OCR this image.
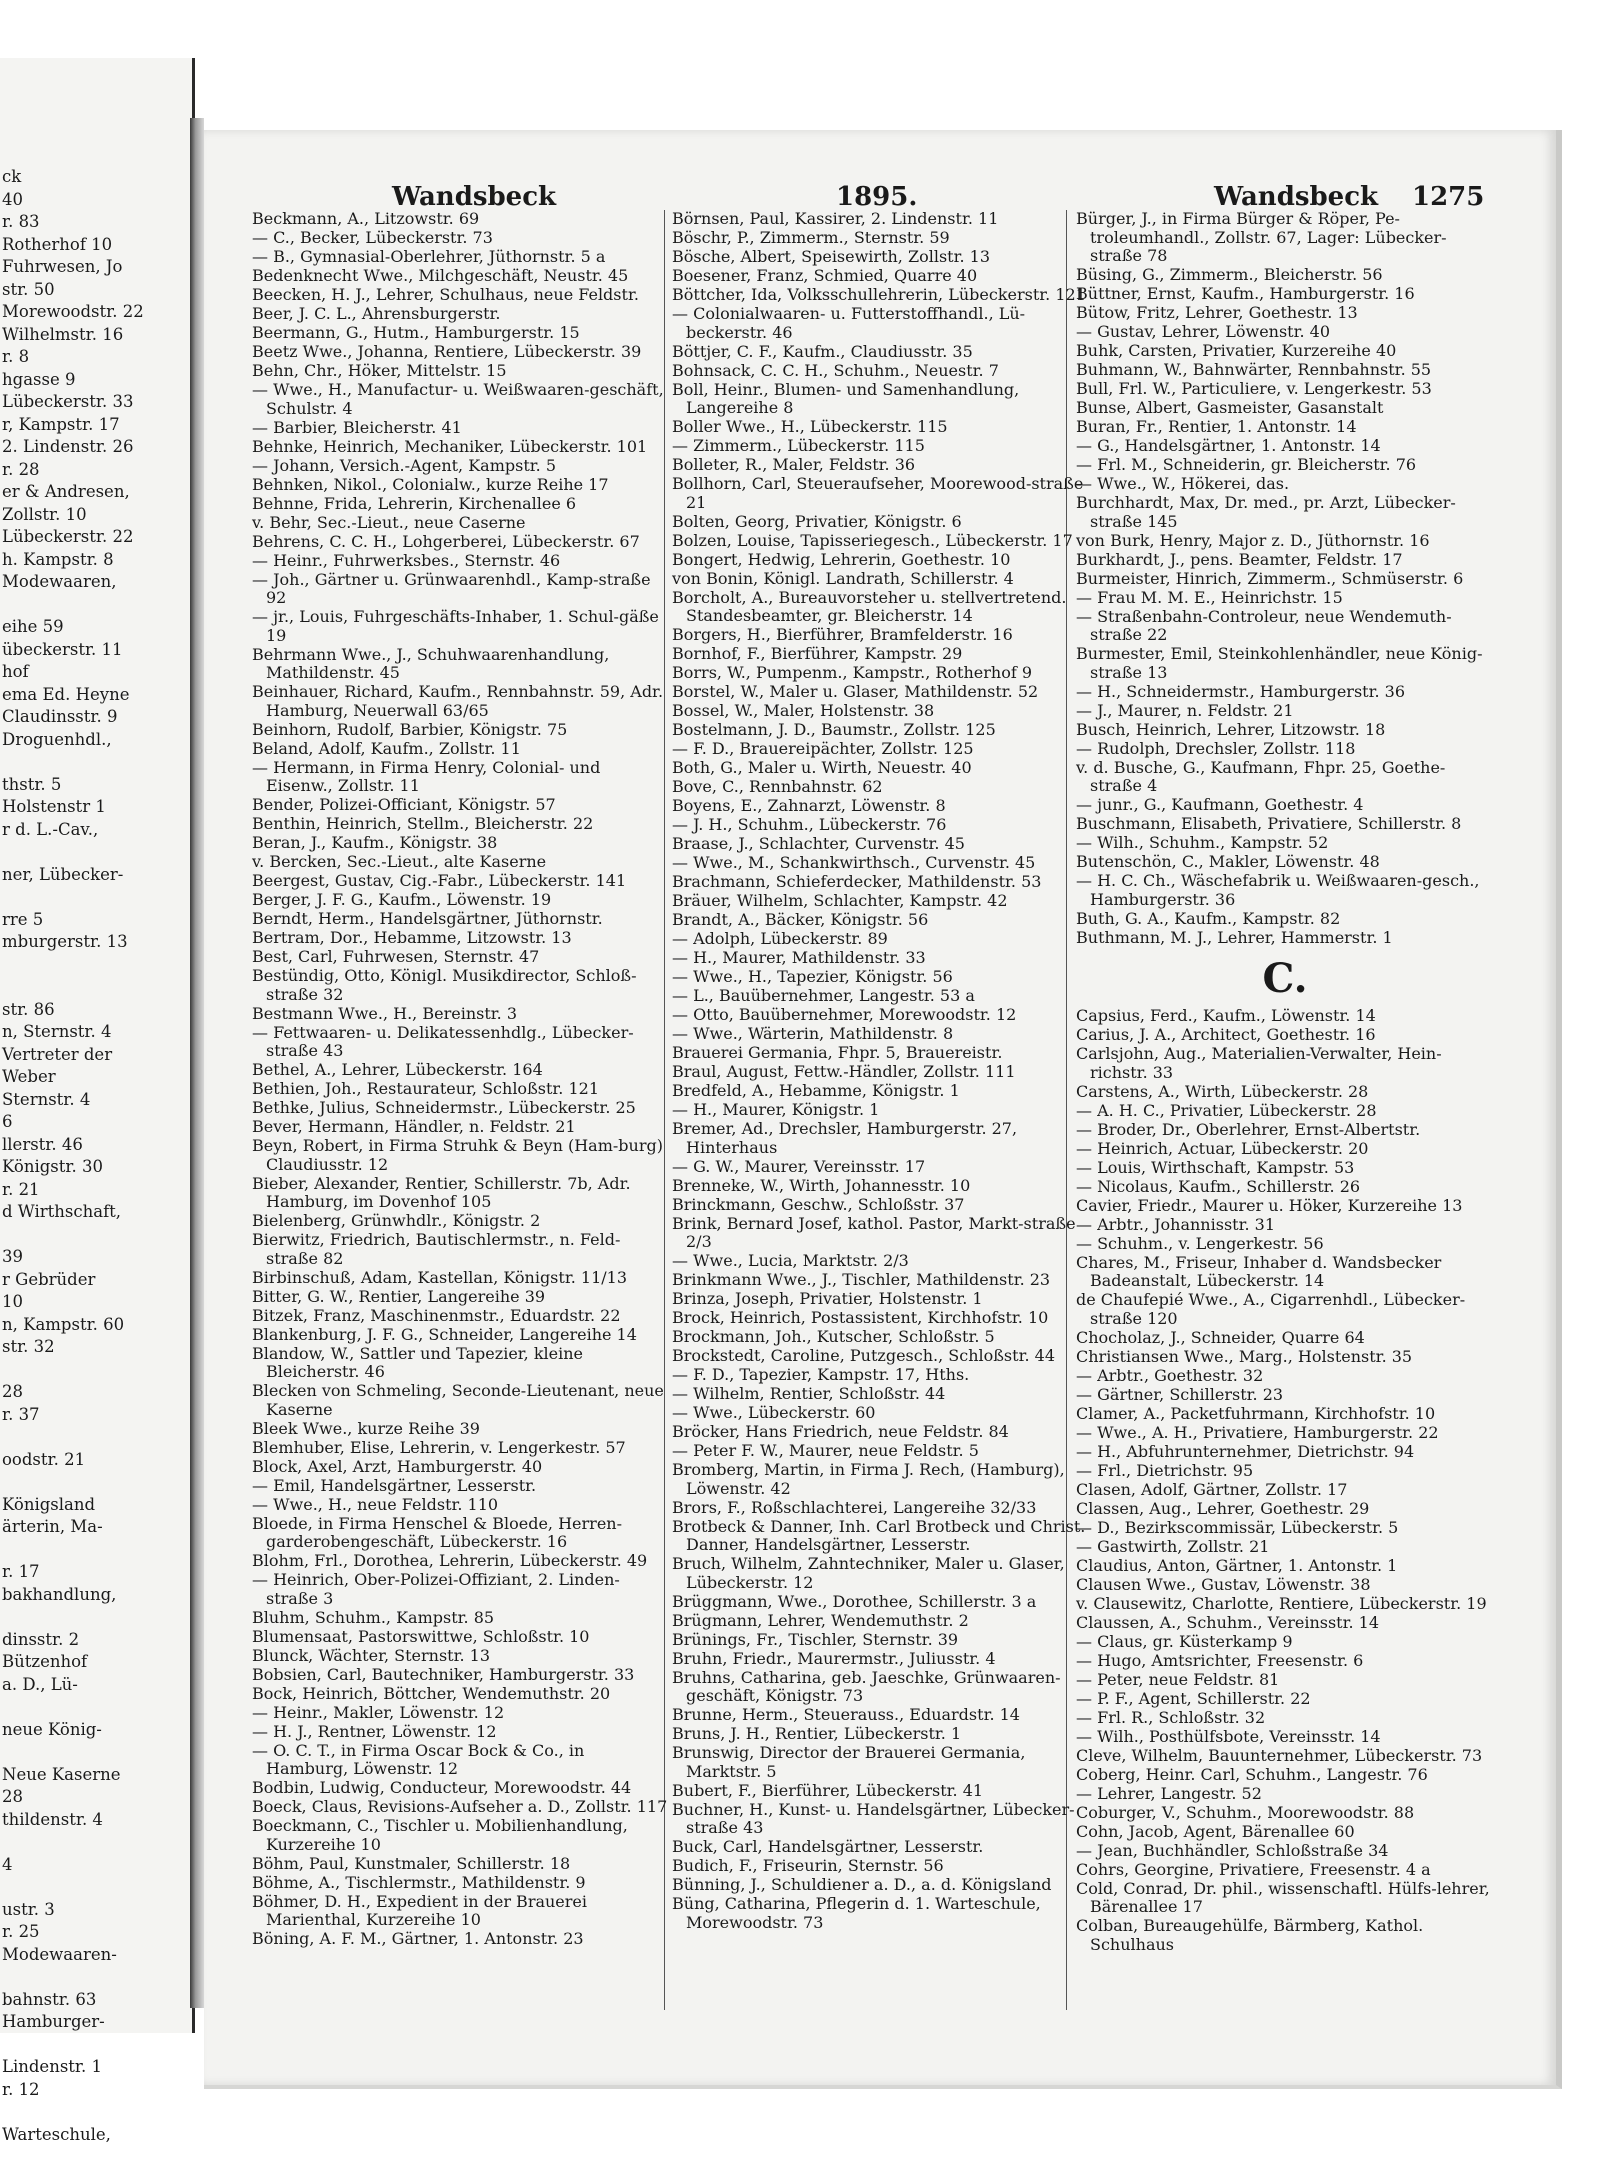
ck
40
r. 83
Rotherhof 10
Fuhrwesen, Jo
str. 50
Morewoodstr. 22
Wilhelmstr. 16
r. 8
hgasse 9
Lübeckerstr. 33
r, Kampstr. 17
2. Lindenstr. 26
r. 28
er & Andresen,
Zollstr. 10
Lübeckerstr. 22
h. Kampstr. 8
Modewaaren,
eihe 59
übeckerstr. 11
hof
ema Ed. Heyne
Claudinsstr. 9
Droguenhdl.,
thstr. 5
Holstenstr 1
r d. L.-Cav.,
ner, Lübecker-
rre 5
mburgerstr. 13
str. 86
n, Sternstr. 4
Vertreter der
Weber
Sternstr. 4
6
llerstr. 46
Königstr. 30
r. 21
d Wirthschaft,
39
r Gebrüder
10
n, Kampstr. 60
str. 32
28
r. 37
oodstr. 21
Königsland
ärterin, Ma-
r. 17
bakhandlung,
dinsstr. 2
Bützenhof
a. D., Lü-
neue König-
Neue Kaserne
28
thildenstr. 4
4
ustr. 3
r. 25
Modewaaren-
bahnstr. 63
Hamburger-
Lindenstr. 1
r. 12
Warteschule,
Wandsbeck	1895.	Wandsbeck 1275
Beckmann, A., Litzowstr. 69
— C., Becker, Lübeckerstr. 73
— B., Gymnasial-Oberlehrer, Jüthornstr. 5 a
Bedenknecht Wwe., Milchgeschäft, Neustr. 45
Beecken, H. J., Lehrer, Schulhaus, neue Feldstr.
Beer, J. C. L., Ahrensburgerstr.
Beermann, G., Hutm., Hamburgerstr. 15
Beetz Wwe., Johanna, Rentiere, Lübeckerstr. 39
Behn, Chr., Höker, Mittelstr. 15
— Wwe., H., Manufactur- u. Weißwaaren-geschäft, Schulstr. 4
— Barbier, Bleicherstr. 41
Behnke, Heinrich, Mechaniker, Lübeckerstr. 101
— Johann, Versich.-Agent, Kampstr. 5
Behnken, Nikol., Colonialw., kurze Reihe 17
Behnne, Frida, Lehrerin, Kirchenallee 6
v. Behr, Sec.-Lieut., neue Caserne
Behrens, C. C. H., Lohgerberei, Lübeckerstr. 67
— Heinr., Fuhrwerksbes., Sternstr. 46
— Joh., Gärtner u. Grünwaarenhdl., Kamp-straße 92
— jr., Louis, Fuhrgeschäfts-Inhaber, 1. Schul-gäße 19
Behrmann Wwe., J., Schuhwaarenhandlung, Mathildenstr. 45
Beinhauer, Richard, Kaufm., Rennbahnstr. 59, Adr. Hamburg, Neuerwall 63/65
Beinhorn, Rudolf, Barbier, Königstr. 75
Beland, Adolf, Kaufm., Zollstr. 11
— Hermann, in Firma Henry, Colonial- und Eisenw., Zollstr. 11
Bender, Polizei-Officiant, Königstr. 57
Benthin, Heinrich, Stellm., Bleicherstr. 22
Beran, J., Kaufm., Königstr. 38
v. Bercken, Sec.-Lieut., alte Kaserne
Beergest, Gustav, Cig.-Fabr., Lübeckerstr. 141
Berger, J. F. G., Kaufm., Löwenstr. 19
Berndt, Herm., Handelsgärtner, Jüthornstr.
Bertram, Dor., Hebamme, Litzowstr. 13
Best, Carl, Fuhrwesen, Sternstr. 47
Bestündig, Otto, Königl. Musikdirector, Schloß-straße 32
Bestmann Wwe., H., Bereinstr. 3
— Fettwaaren- u. Delikatessenhdlg., Lübecker-straße 43
Bethel, A., Lehrer, Lübeckerstr. 164
Bethien, Joh., Restaurateur, Schloßstr. 121
Bethke, Julius, Schneidermstr., Lübeckerstr. 25
Bever, Hermann, Händler, n. Feldstr. 21
Beyn, Robert, in Firma Struhk & Beyn (Ham-burg) Claudiusstr. 12
Bieber, Alexander, Rentier, Schillerstr. 7b, Adr. Hamburg, im Dovenhof 105
Bielenberg, Grünwhdlr., Königstr. 2
Bierwitz, Friedrich, Bautischlermstr., n. Feld-straße 82
Birbinschuß, Adam, Kastellan, Königstr. 11/13
Bitter, G. W., Rentier, Langereihe 39
Bitzek, Franz, Maschinenmstr., Eduardstr. 22
Blankenburg, J. F. G., Schneider, Langereihe 14
Blandow, W., Sattler und Tapezier, kleine Bleicherstr. 46
Blecken von Schmeling, Seconde-Lieutenant, neue Kaserne
Bleek Wwe., kurze Reihe 39
Blemhuber, Elise, Lehrerin, v. Lengerkestr. 57
Block, Axel, Arzt, Hamburgerstr. 40
— Emil, Handelsgärtner, Lesserstr.
— Wwe., H., neue Feldstr. 110
Bloede, in Firma Henschel & Bloede, Herren-garderobengeschäft, Lübeckerstr. 16
Blohm, Frl., Dorothea, Lehrerin, Lübeckerstr. 49
— Heinrich, Ober-Polizei-Offiziant, 2. Linden-straße 3
Bluhm, Schuhm., Kampstr. 85
Blumensaat, Pastorswittwe, Schloßstr. 10
Blunck, Wächter, Sternstr. 13
Bobsien, Carl, Bautechniker, Hamburgerstr. 33
Bock, Heinrich, Böttcher, Wendemuthstr. 20
— Heinr., Makler, Löwenstr. 12
— H. J., Rentner, Löwenstr. 12
— O. C. T., in Firma Oscar Bock & Co., in Hamburg, Löwenstr. 12
Bodbin, Ludwig, Conducteur, Morewoodstr. 44
Boeck, Claus, Revisions-Aufseher a. D., Zollstr. 117
Boeckmann, C., Tischler u. Mobilienhandlung, Kurzereihe 10
Böhm, Paul, Kunstmaler, Schillerstr. 18
Böhme, A., Tischlermstr., Mathildenstr. 9
Böhmer, D. H., Expedient in der Brauerei Marienthal, Kurzereihe 10
Böning, A. F. M., Gärtner, 1. Antonstr. 23
Börnsen, Paul, Kassirer, 2. Lindenstr. 11
Böschr, P., Zimmerm., Sternstr. 59
Bösche, Albert, Speisewirth, Zollstr. 13
Boesener, Franz, Schmied, Quarre 40
Böttcher, Ida, Volksschullehrerin, Lübeckerstr. 121
— Colonialwaaren- u. Futterstoffhandl., Lü-beckerstr. 46
Böttjer, C. F., Kaufm., Claudiusstr. 35
Bohnsack, C. C. H., Schuhm., Neuestr. 7
Boll, Heinr., Blumen- und Samenhandlung, Langereihe 8
Boller Wwe., H., Lübeckerstr. 115
— Zimmerm., Lübeckerstr. 115
Bolleter, R., Maler, Feldstr. 36
Bollhorn, Carl, Steueraufseher, Moorewood-straße 21
Bolten, Georg, Privatier, Königstr. 6
Bolzen, Louise, Tapisseriegesch., Lübeckerstr. 17
Bongert, Hedwig, Lehrerin, Goethestr. 10
von Bonin, Königl. Landrath, Schillerstr. 4
Borcholt, A., Bureauvorsteher u. stellvertretend. Standesbeamter, gr. Bleicherstr. 14
Borgers, H., Bierführer, Bramfelderstr. 16
Bornhof, F., Bierführer, Kampstr. 29
Borrs, W., Pumpenm., Kampstr., Rotherhof 9
Borstel, W., Maler u. Glaser, Mathildenstr. 52
Bossel, W., Maler, Holstenstr. 38
Bostelmann, J. D., Baumstr., Zollstr. 125
— F. D., Brauereipächter, Zollstr. 125
Both, G., Maler u. Wirth, Neuestr. 40
Bove, C., Rennbahnstr. 62
Boyens, E., Zahnarzt, Löwenstr. 8
— J. H., Schuhm., Lübeckerstr. 76
Braase, J., Schlachter, Curvenstr. 45
— Wwe., M., Schankwirthsch., Curvenstr. 45
Brachmann, Schieferdecker, Mathildenstr. 53
Bräuer, Wilhelm, Schlachter, Kampstr. 42
Brandt, A., Bäcker, Königstr. 56
— Adolph, Lübeckerstr. 89
— H., Maurer, Mathildenstr. 33
— Wwe., H., Tapezier, Königstr. 56
— L., Bauübernehmer, Langestr. 53 a
— Otto, Bauübernehmer, Morewoodstr. 12
— Wwe., Wärterin, Mathildenstr. 8
Brauerei Germania, Fhpr. 5, Brauereistr.
Braul, August, Fettw.-Händler, Zollstr. 111
Bredfeld, A., Hebamme, Königstr. 1
— H., Maurer, Königstr. 1
Bremer, Ad., Drechsler, Hamburgerstr. 27, Hinterhaus
— G. W., Maurer, Vereinsstr. 17
Brenneke, W., Wirth, Johannesstr. 10
Brinckmann, Geschw., Schloßstr. 37
Brink, Bernard Josef, kathol. Pastor, Markt-straße 2/3
— Wwe., Lucia, Marktstr. 2/3
Brinkmann Wwe., J., Tischler, Mathildenstr. 23
Brinza, Joseph, Privatier, Holstenstr. 1
Brock, Heinrich, Postassistent, Kirchhofstr. 10
Brockmann, Joh., Kutscher, Schloßstr. 5
Brockstedt, Caroline, Putzgesch., Schloßstr. 44
— F. D., Tapezier, Kampstr. 17, Hths.
— Wilhelm, Rentier, Schloßstr. 44
— Wwe., Lübeckerstr. 60
Bröcker, Hans Friedrich, neue Feldstr. 84
— Peter F. W., Maurer, neue Feldstr. 5
Bromberg, Martin, in Firma J. Rech, (Hamburg), Löwenstr. 42
Brors, F., Roßschlachterei, Langereihe 32/33
Brotbeck & Danner, Inh. Carl Brotbeck und Christ. Danner, Handelsgärtner, Lesserstr.
Bruch, Wilhelm, Zahntechniker, Maler u. Glaser, Lübeckerstr. 12
Brüggmann, Wwe., Dorothee, Schillerstr. 3 a
Brügmann, Lehrer, Wendemuthstr. 2
Brünings, Fr., Tischler, Sternstr. 39
Bruhn, Friedr., Maurermstr., Juliusstr. 4
Bruhns, Catharina, geb. Jaeschke, Grünwaaren-geschäft, Königstr. 73
Brunne, Herm., Steuerauss., Eduardstr. 14
Bruns, J. H., Rentier, Lübeckerstr. 1
Brunswig, Director der Brauerei Germania, Marktstr. 5
Bubert, F., Bierführer, Lübeckerstr. 41
Buchner, H., Kunst- u. Handelsgärtner, Lübecker-straße 43
Buck, Carl, Handelsgärtner, Lesserstr.
Budich, F., Friseurin, Sternstr. 56
Bünning, J., Schuldiener a. D., a. d. Königsland
Büng, Catharina, Pflegerin d. 1. Warteschule, Morewoodstr. 73
Bürger, J., in Firma Bürger & Röper, Pe-troleumhandl., Zollstr. 67, Lager: Lübecker-straße 78
Büsing, G., Zimmerm., Bleicherstr. 56
Büttner, Ernst, Kaufm., Hamburgerstr. 16
Bütow, Fritz, Lehrer, Goethestr. 13
— Gustav, Lehrer, Löwenstr. 40
Buhk, Carsten, Privatier, Kurzereihe 40
Buhmann, W., Bahnwärter, Rennbahnstr. 55
Bull, Frl. W., Particuliere, v. Lengerkestr. 53
Bunse, Albert, Gasmeister, Gasanstalt
Buran, Fr., Rentier, 1. Antonstr. 14
— G., Handelsgärtner, 1. Antonstr. 14
— Frl. M., Schneiderin, gr. Bleicherstr. 76
— Wwe., W., Hökerei, das.
Burchhardt, Max, Dr. med., pr. Arzt, Lübecker-straße 145
von Burk, Henry, Major z. D., Jüthornstr. 16
Burkhardt, J., pens. Beamter, Feldstr. 17
Burmeister, Hinrich, Zimmerm., Schmüserstr. 6
— Frau M. M. E., Heinrichstr. 15
— Straßenbahn-Controleur, neue Wendemuth-straße 22
Burmester, Emil, Steinkohlenhändler, neue König-straße 13
— H., Schneidermstr., Hamburgerstr. 36
— J., Maurer, n. Feldstr. 21
Busch, Heinrich, Lehrer, Litzowstr. 18
— Rudolph, Drechsler, Zollstr. 118
v. d. Busche, G., Kaufmann, Fhpr. 25, Goethe-straße 4
— junr., G., Kaufmann, Goethestr. 4
Buschmann, Elisabeth, Privatiere, Schillerstr. 8
— Wilh., Schuhm., Kampstr. 52
Butenschön, C., Makler, Löwenstr. 48
— H. C. Ch., Wäschefabrik u. Weißwaaren-gesch., Hamburgerstr. 36
Buth, G. A., Kaufm., Kampstr. 82
Buthmann, M. J., Lehrer, Hammerstr. 1
C.
Capsius, Ferd., Kaufm., Löwenstr. 14
Carius, J. A., Architect, Goethestr. 16
Carlsjohn, Aug., Materialien-Verwalter, Hein-richstr. 33
Carstens, A., Wirth, Lübeckerstr. 28
— A. H. C., Privatier, Lübeckerstr. 28
— Broder, Dr., Oberlehrer, Ernst-Albertstr.
— Heinrich, Actuar, Lübeckerstr. 20
— Louis, Wirthschaft, Kampstr. 53
— Nicolaus, Kaufm., Schillerstr. 26
Cavier, Friedr., Maurer u. Höker, Kurzereihe 13
— Arbtr., Johannisstr. 31
— Schuhm., v. Lengerkestr. 56
Chares, M., Friseur, Inhaber d. Wandsbecker Badeanstalt, Lübeckerstr. 14
de Chaufepié Wwe., A., Cigarrenhdl., Lübecker-straße 120
Chocholaz, J., Schneider, Quarre 64
Christiansen Wwe., Marg., Holstenstr. 35
— Arbtr., Goethestr. 32
— Gärtner, Schillerstr. 23
Clamer, A., Packetfuhrmann, Kirchhofstr. 10
— Wwe., A. H., Privatiere, Hamburgerstr. 22
— H., Abfuhrunternehmer, Dietrichstr. 94
— Frl., Dietrichstr. 95
Clasen, Adolf, Gärtner, Zollstr. 17
Classen, Aug., Lehrer, Goethestr. 29
— D., Bezirkscommissär, Lübeckerstr. 5
— Gastwirth, Zollstr. 21
Claudius, Anton, Gärtner, 1. Antonstr. 1
Clausen Wwe., Gustav, Löwenstr. 38
v. Clausewitz, Charlotte, Rentiere, Lübeckerstr. 19
Claussen, A., Schuhm., Vereinsstr. 14
— Claus, gr. Küsterkamp 9
— Hugo, Amtsrichter, Freesenstr. 6
— Peter, neue Feldstr. 81
— P. F., Agent, Schillerstr. 22
— Frl. R., Schloßstr. 32
— Wilh., Posthülfsbote, Vereinsstr. 14
Cleve, Wilhelm, Bauunternehmer, Lübeckerstr. 73
Coberg, Heinr. Carl, Schuhm., Langestr. 76
— Lehrer, Langestr. 52
Coburger, V., Schuhm., Moorewoodstr. 88
Cohn, Jacob, Agent, Bärenallee 60
— Jean, Buchhändler, Schloßstraße 34
Cohrs, Georgine, Privatiere, Freesenstr. 4 a
Cold, Conrad, Dr. phil., wissenschaftl. Hülfs-lehrer, Bärenallee 17
Colban, Bureaugehülfe, Bärmberg, Kathol. Schulhaus
